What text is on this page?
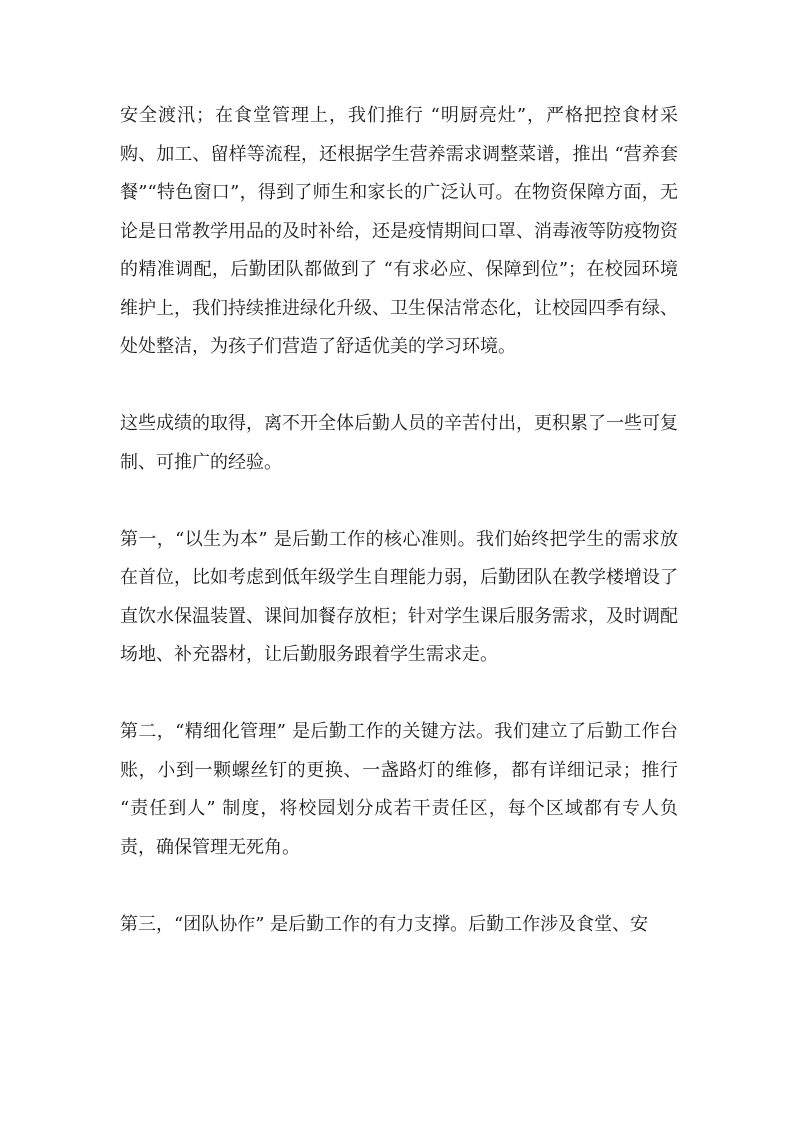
安全渡汛；在食堂管理上，我们推行 “明厨亮灶”，严格把控食材采购、加工、留样等流程，还根据学生营养需求调整菜谱，推出 “营养套餐”“特色窗口”，得到了师生和家长的广泛认可。在物资保障方面，无论是日常教学用品的及时补给，还是疫情期间口罩、消毒液等防疫物资的精准调配，后勤团队都做到了 “有求必应、保障到位”；在校园环境维护上，我们持续推进绿化升级、卫生保洁常态化，让校园四季有绿、处处整洁，为孩子们营造了舒适优美的学习环境。

这些成绩的取得，离不开全体后勤人员的辛苦付出，更积累了一些可复制、可推广的经验。

第一，“以生为本” 是后勤工作的核心准则。我们始终把学生的需求放在首位，比如考虑到低年级学生自理能力弱，后勤团队在教学楼增设了直饮水保温装置、课间加餐存放柜；针对学生课后服务需求，及时调配场地、补充器材，让后勤服务跟着学生需求走。

第二，“精细化管理” 是后勤工作的关键方法。我们建立了后勤工作台账，小到一颗螺丝钉的更换、一盏路灯的维修，都有详细记录；推行 “责任到人” 制度，将校园划分成若干责任区，每个区域都有专人负责，确保管理无死角。

第三，“团队协作” 是后勤工作的有力支撑。后勤工作涉及食堂、安
